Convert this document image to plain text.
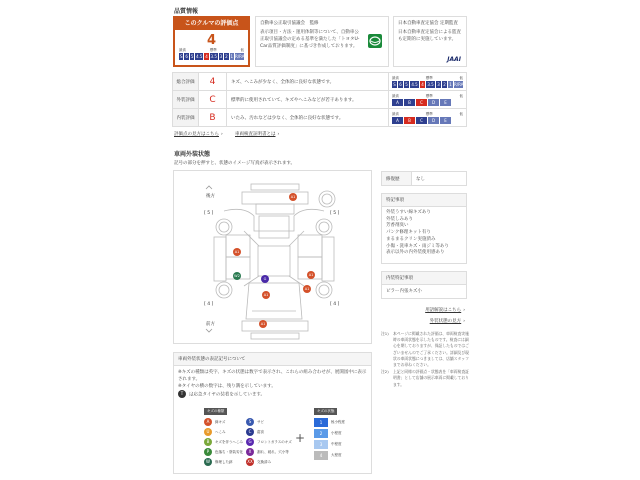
品質情報
このクルマの評価点
4
最高	標準	低
S 6 5 4.5 4 3.5 3 2 1 R/RA
自動車公正取引協議会　監修
表示項目・方法・運用体制等について、自動車公正取引協議会の定める基準を満たした「トヨタU-Car品質評価制度」に基づき作成しております。
日本自動車査定協会 定期監査
日本自動車査定協会による監査も定期的に実施しています。
JAAI
総合評価	4	キズ、へこみが少なく、全体的に良好な状態です。	
最高	標準	低
S 6 5 4.5 4 3.5 3 2 1 R/RA

外装評価	C	標準的に使用されていて、キズやへこみなどが若干あります。	
最高	標準	低
A	B	C	D	E

内装評価	B	いたみ、汚れなどは少なく、全体的に良好な状態です。	
最高	標準	低
A	B	C	D	E
評価点の見方はこちら ›	車両検査証明書とは ›
車両外装状態
記号の部分を押すと、状態のイメージ写真が表示されます。
後方
前方
[ 5 ]	[ 5 ]
[ 4 ]	[ 4 ]
A1
A1
W2
G
A1
A1
A1
A1
修復歴	なし
特記事項
外装うすい線キズあり
外装しみあり
芳香剤臭い
パンク修理キット有り
まるまるクリン実施済み
小傷・洗車キズ・雨ジミ等あり
表示以外の内外装使用感あり
内装特記事項
ピラー内張キズ小
用語解説はこちら ›
外装状態の見方 ›
注1)	本ページに掲載された評価は、車両検査実施時の車両状態を示したものです。検査には細心を期しておりますが、保証したものではございませんのでご了承ください。詳細及び現状の車両状態につきましては、店舗スタッフまでお尋ねください。
注2)	上記と同様の評価点・状態表を「車両検査証明書」として店舗の展示車両に掲載しております。
車両外装状態の表記記号について
※キズの種類は英字、キズの状態は数字で表示され、これらの組み合わせが、展開図中に表示されます。
※タイヤの横の数字は、残り溝を示しています。
T は応急タイヤの装着を示しています。
キズの種類
A	線キズ
U	へこみ
B	キズを伴うへこみ
P	色落ち・塗装劣化
W	修理した跡
S	サビ
C	腐食
G	フロントガラスのキズ
X	割れ、破れ、穴小等
XX	交換済み
+
キズの状態
1	極小程度
2	小程度
3	中程度
4	大程度
